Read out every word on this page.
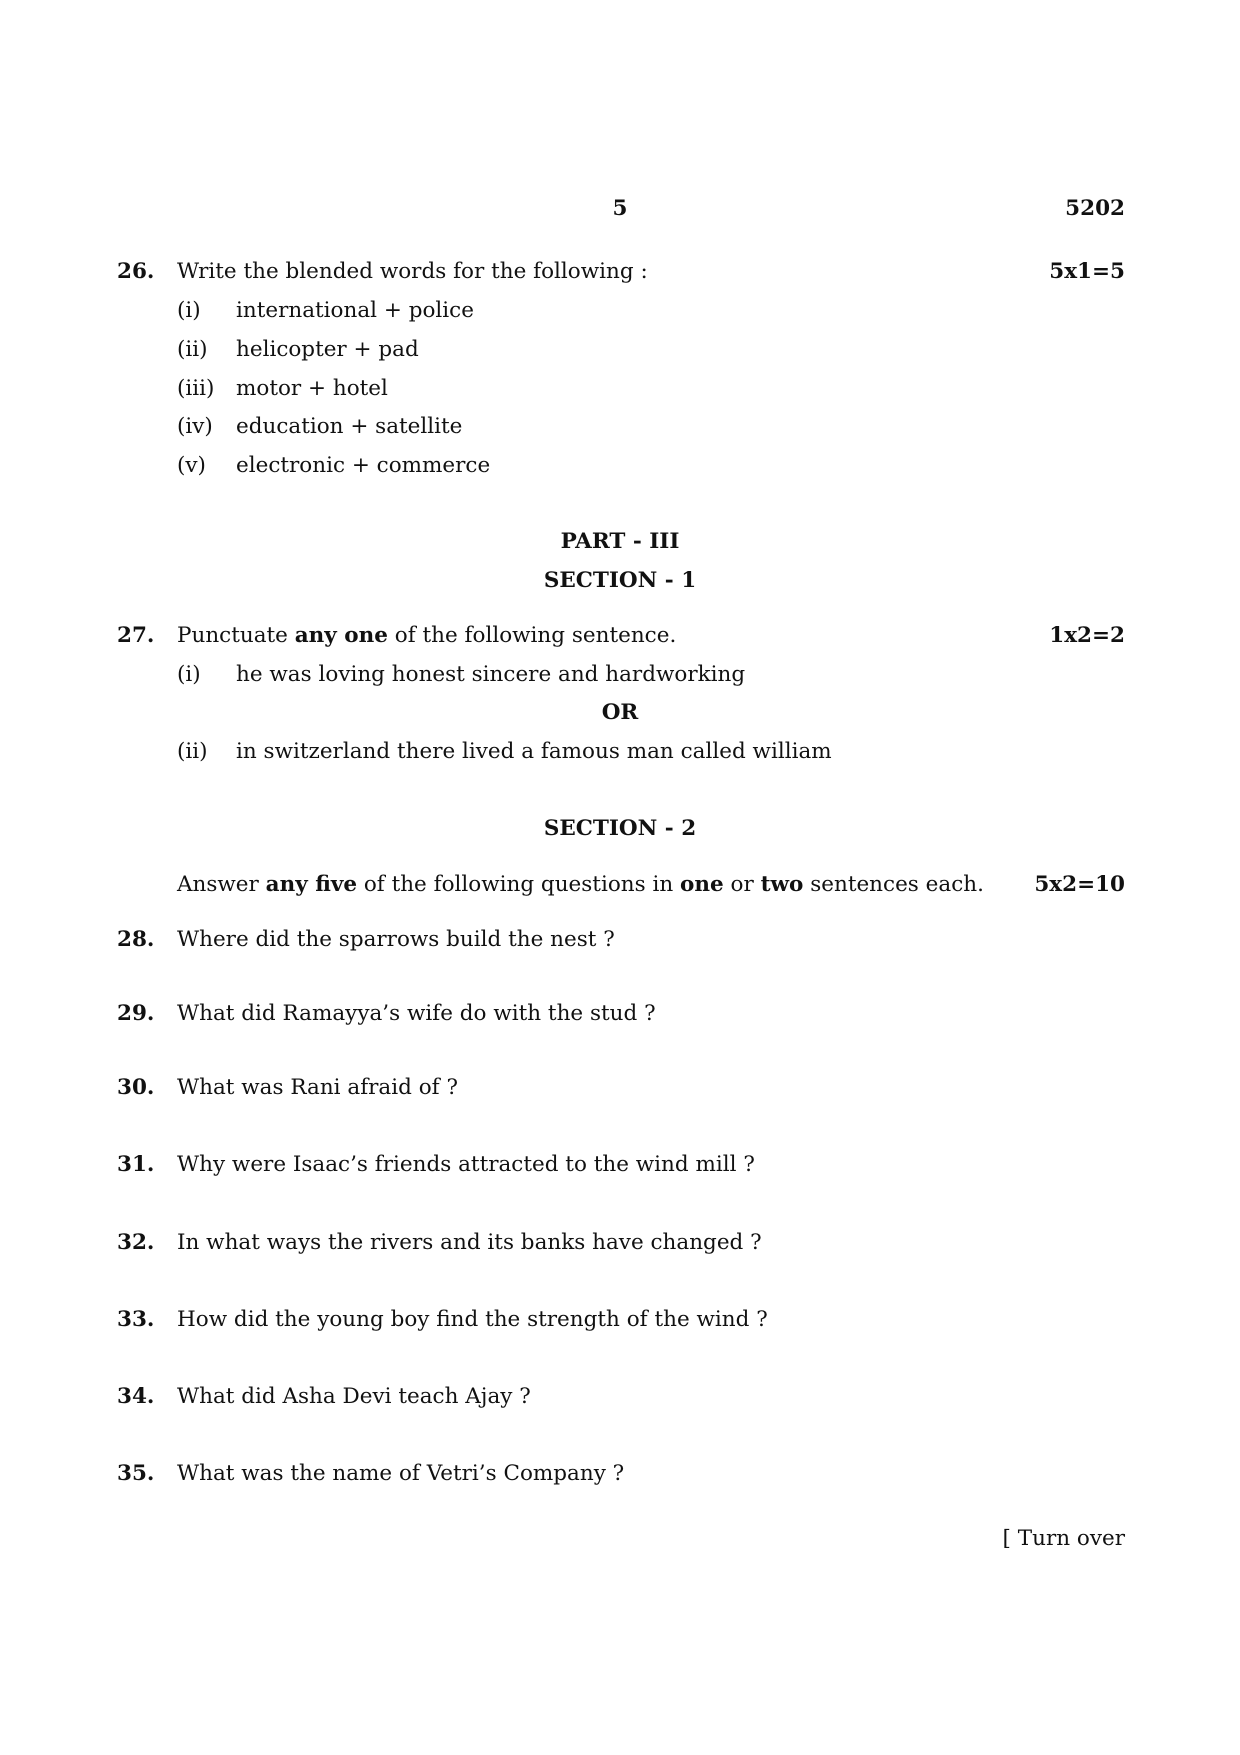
5	5202
26. Write the blended words for the following :	5x1=5
(i) international + police
(ii) helicopter + pad
(iii) motor + hotel
(iv) education + satellite
(v) electronic + commerce
PART - III
SECTION - 1
27. Punctuate any one of the following sentence.	1x2=2
(i) he was loving honest sincere and hardworking
OR
(ii) in switzerland there lived a famous man called william
SECTION - 2
Answer any five of the following questions in one or two sentences each. 5x2=10
28. Where did the sparrows build the nest ?
29. What did Ramayya’s wife do with the stud ?
30. What was Rani afraid of ?
31. Why were Isaac’s friends attracted to the wind mill ?
32. In what ways the rivers and its banks have changed ?
33. How did the young boy find the strength of the wind ?
34. What did Asha Devi teach Ajay ?
35. What was the name of Vetri’s Company ?
[ Turn over
